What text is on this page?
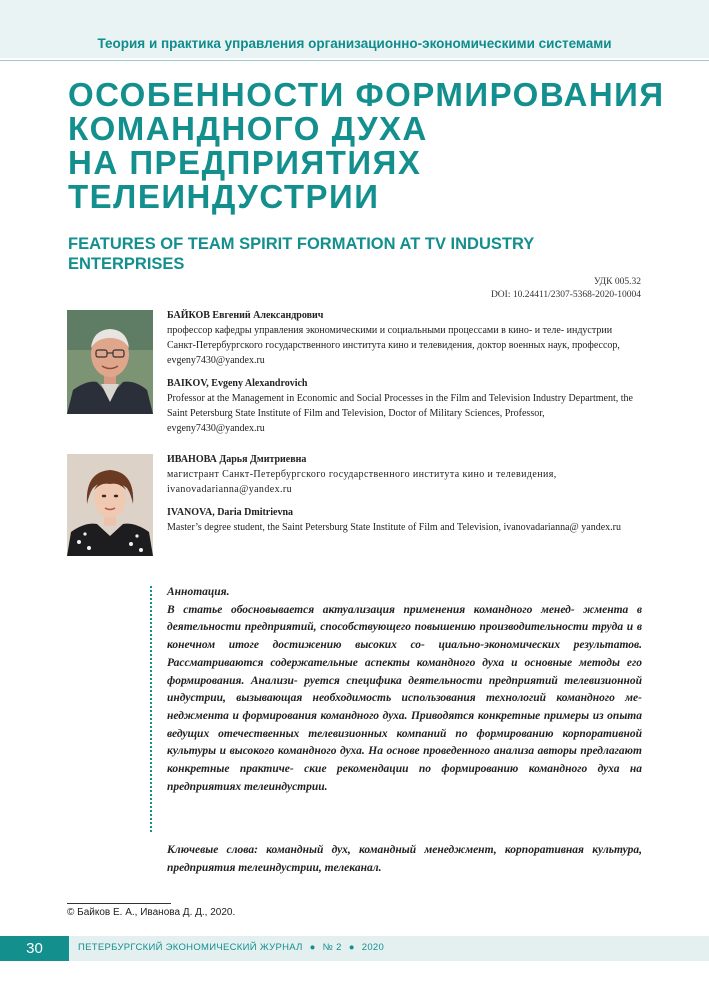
Теория и практика управления организационно-экономическими системами
ОСОБЕННОСТИ ФОРМИРОВАНИЯ
КОМАНДНОГО ДУХА
НА ПРЕДПРИЯТИЯХ
ТЕЛЕИНДУСТРИИ
FEATURES OF TEAM SPIRIT FORMATION AT TV INDUSTRY ENTERPRISES
УДК 005.32
DOI: 10.24411/2307-5368-2020-10004
БАЙКОВ Евгений Александрович

профессор кафедры управления экономическими и социальными процессами в кино- и теле- индустрии Санкт-Петербургского государственного института кино и телевидения, доктор военных наук, профессор, evgeny7430@yandex.ru

BAIKOV, Evgeny Alexandrovich

Professor at the Management in Economic and Social Processes in the Film and Television Industry Department, the Saint Petersburg State Institute of Film and Television, Doctor of Military Sciences, Professor, evgeny7430@yandex.ru

ИВАНОВА Дарья Дмитриевна

магистрант Санкт-Петербургского государственного института кино и телевидения, ivanovadarianna@yandex.ru

IVANOVA, Daria Dmitrievna

Master’s degree student, the Saint Petersburg State Institute of Film and Television, ivanovadarianna@ yandex.ru

Аннотация.

В статье обосновывается актуализация применения командного менед- жмента в деятельности предприятий, способствующего повышению производительности труда и в конечном итоге достижению высоких со- циально-экономических результатов. Рассматриваются содержательные аспекты командного духа и основные методы его формирования. Анализи- руется специфика деятельности предприятий телевизионной индустрии, вызывающая необходимость использования технологий командного ме- неджмента и формирования командного духа. Приводятся конкретные примеры из опыта ведущих отечественных телевизионных компаний по формированию корпоративной культуры и высокого командного духа. На основе проведенного анализа авторы предлагают конкретные практиче- ские рекомендации по формированию командного духа на предприятиях телеиндустрии.

Ключевые слова: командный дух, командный менеджмент, корпоративная культура, предприятия телеиндустрии, телеканал.
© Байков Е. А., Иванова Д. Д., 2020.
30	ПЕТЕРБУРГСКИЙ ЭКОНОМИЧЕСКИЙ ЖУРНАЛ ● № 2 ● 2020
